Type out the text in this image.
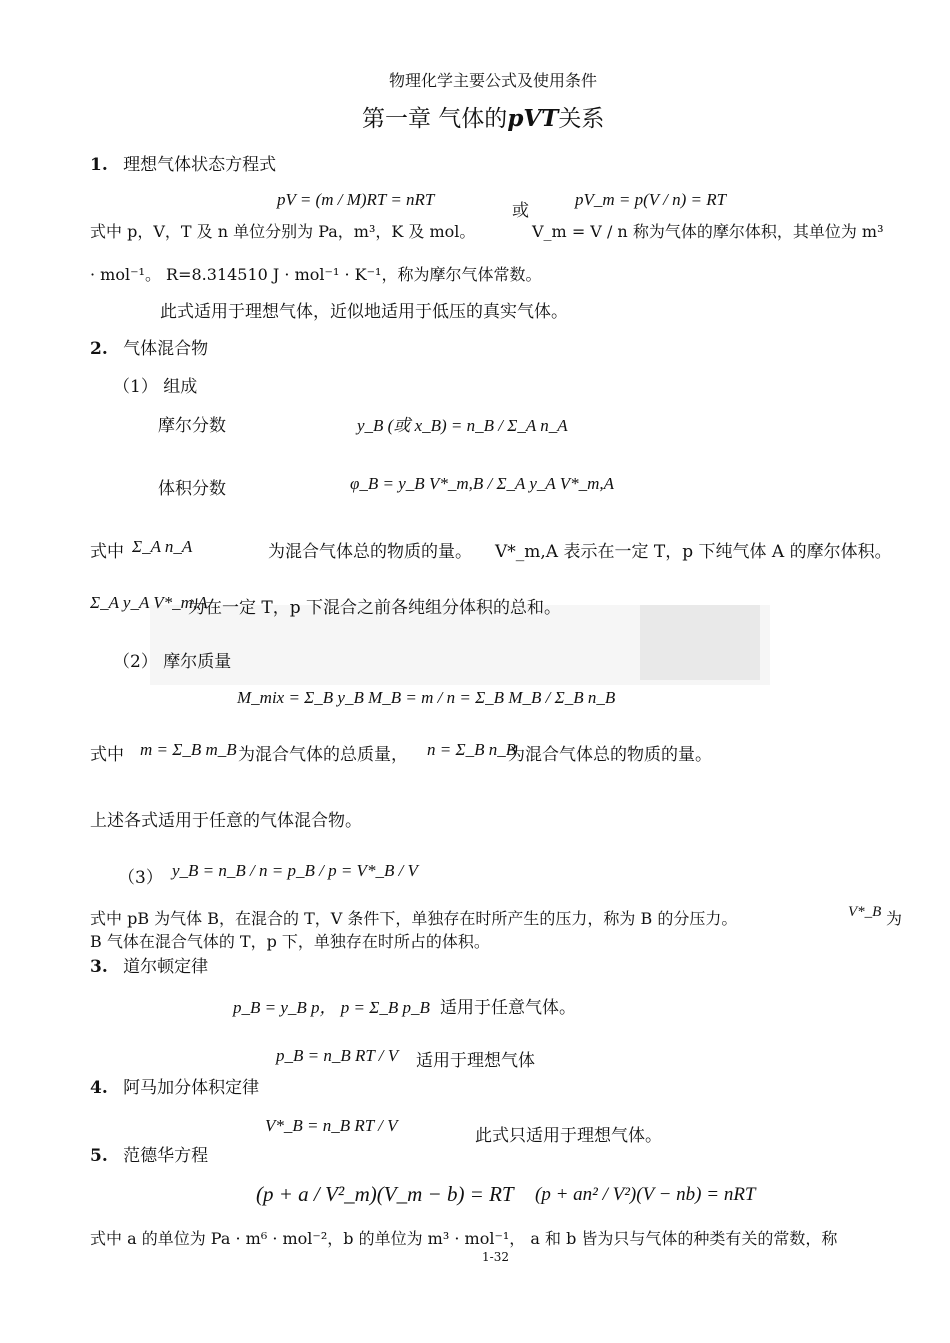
物理化学主要公式及使用条件
第一章 气体的pVT关系
1. 理想气体状态方程式
pV = (m / M)RT = nRT
或
pV_m = p(V / n) = RT
式中 p，V，T 及 n 单位分别为 Pa，m³，K 及 mol。	V_m = V / n 称为气体的摩尔体积，其单位为 m³
· mol⁻¹。 R=8.314510 J · mol⁻¹ · K⁻¹，称为摩尔气体常数。
此式适用于理想气体，近似地适用于低压的真实气体。
2. 气体混合物
（1） 组成
摩尔分数	y_B (或 x_B) = n_B / Σ_A n_A
体积分数	φ_B = y_B V*_m,B / Σ_A y_A V*_m,A
式中 Σ_A n_A	为混合气体总的物质的量。 V*_m,A 表示在一定 T，p 下纯气体 A 的摩尔体积。
Σ_A y_A V*_m,A
为在一定 T，p 下混合之前各纯组分体积的总和。
（2） 摩尔质量
M_mix = Σ_B y_B M_B = m / n = Σ_B M_B / Σ_B n_B
式中 m = Σ_B m_B 为混合气体的总质量， n = Σ_B n_B
为混合气体总的物质的量。
上述各式适用于任意的气体混合物。
（3） y_B = n_B / n = p_B / p = V*_B / V
式中 pB 为气体 B，在混合的 T，V 条件下，单独存在时所产生的压力，称为 B 的分压力。	V*_B 为
B 气体在混合气体的 T，p 下，单独存在时所占的体积。
3. 道尔顿定律
p_B = y_B p， p = Σ_B p_B 适用于任意气体。
p_B = n_B RT / V 适用于理想气体
4. 阿马加分体积定律
V*_B = n_B RT / V
此式只适用于理想气体。
5. 范德华方程
(p + a / V²_m)(V_m − b) = RT (p + an² / V²)(V − nb) = nRT
式中 a 的单位为 Pa · m⁶ · mol⁻²，b 的单位为 m³ · mol⁻¹， a 和 b 皆为只与气体的种类有关的常数，称
1-32
